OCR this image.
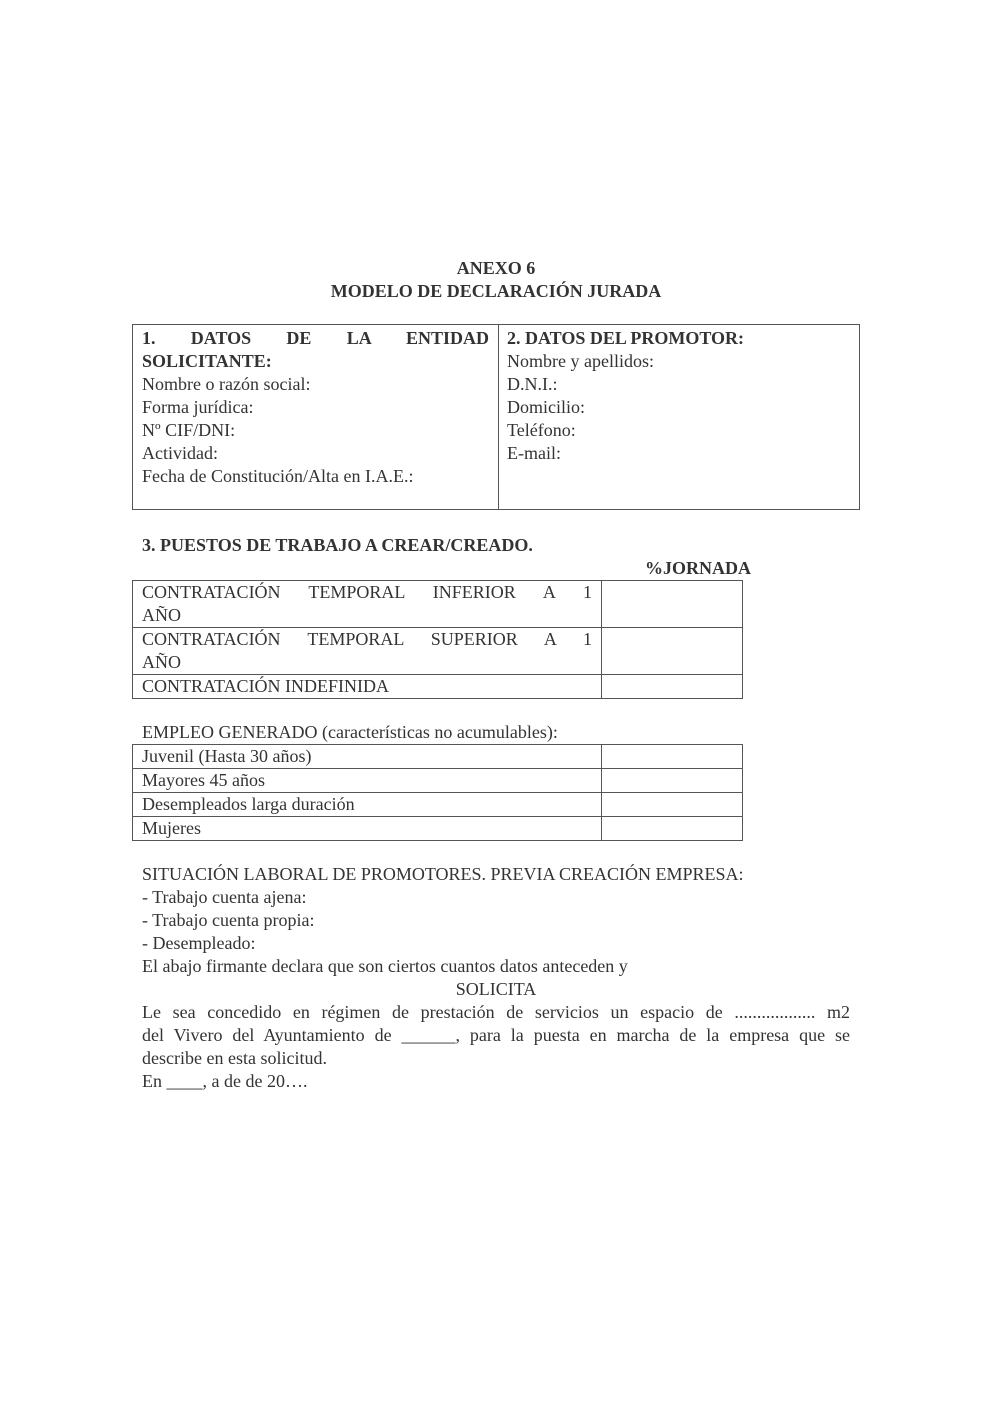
ANEXO 6
MODELO DE DECLARACIÓN JURADA
1. DATOS DE LA ENTIDAD
SOLICITANTE:
Nombre o razón social:
Forma jurídica:
Nº CIF/DNI:
Actividad:
Fecha de Constitución/Alta en I.A.E.:
2. DATOS DEL PROMOTOR:
Nombre y apellidos:
D.N.I.:
Domicilio:
Teléfono:
E-mail:
3. PUESTOS DE TRABAJO A CREAR/CREADO.
%JORNADA
CONTRATACIÓN TEMPORAL INFERIOR A 1
AÑO	

CONTRATACIÓN TEMPORAL SUPERIOR A 1
AÑO	

CONTRATACIÓN INDEFINIDA	

EMPLEO GENERADO (características no acumulables):
Juvenil (Hasta 30 años)	
Mayores 45 años	
Desempleados larga duración	
Mujeres	
SITUACIÓN LABORAL DE PROMOTORES. PREVIA CREACIÓN EMPRESA:
- Trabajo cuenta ajena:
- Trabajo cuenta propia:
- Desempleado:
El abajo firmante declara que son ciertos cuantos datos anteceden y
SOLICITA
Le sea concedido en régimen de prestación de servicios un espacio de .................. m2
del Vivero del Ayuntamiento de ______, para la puesta en marcha de la empresa que se
describe en esta solicitud.
En ____, a de de 20….
